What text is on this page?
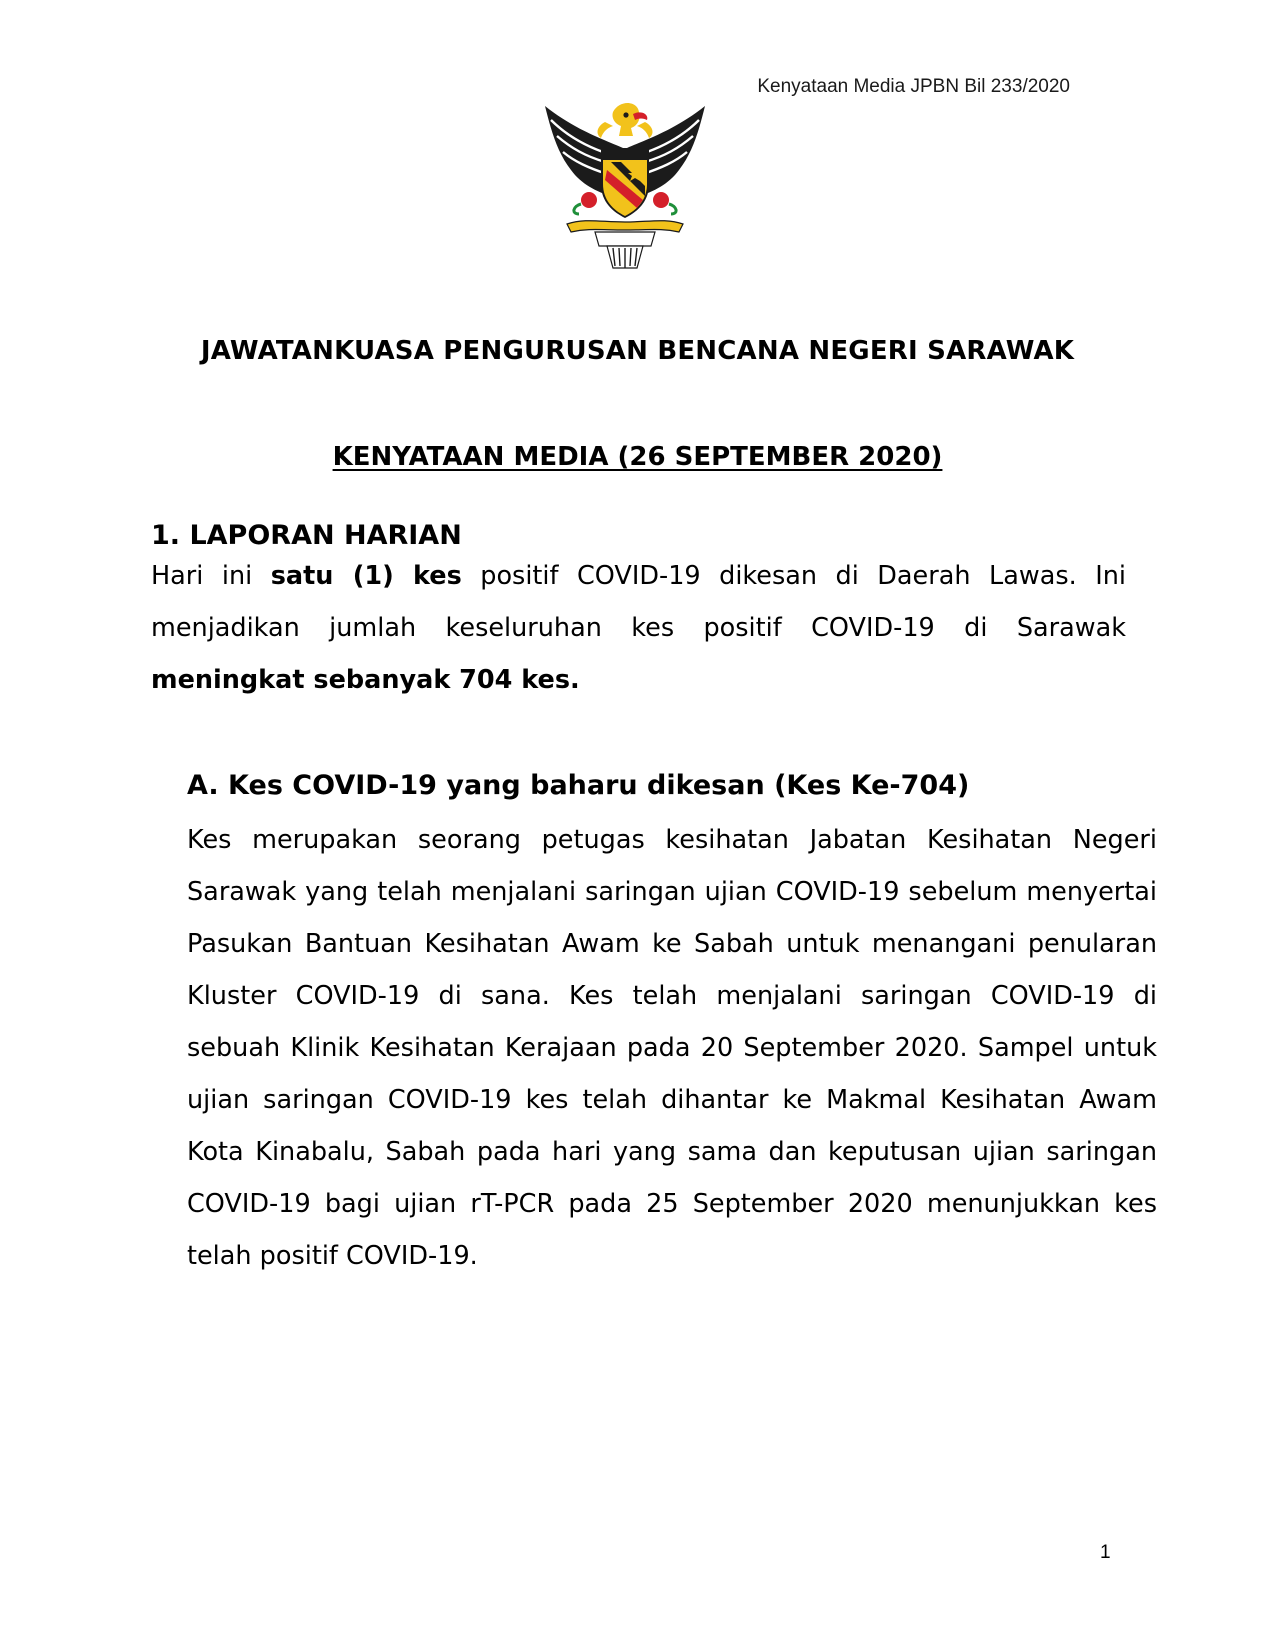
Kenyataan Media JPBN Bil 233/2020
JAWATANKUASA PENGURUSAN BENCANA NEGERI SARAWAK
KENYATAAN MEDIA (26 SEPTEMBER 2020)
1. LAPORAN HARIAN
Hari ini satu (1) kes positif COVID-19 dikesan di Daerah Lawas. Ini menjadikan jumlah keseluruhan kes positif COVID-19 di Sarawak meningkat sebanyak 704 kes.
A. Kes COVID-19 yang baharu dikesan (Kes Ke-704)
Kes merupakan seorang petugas kesihatan Jabatan Kesihatan Negeri Sarawak yang telah menjalani saringan ujian COVID-19 sebelum menyertai Pasukan Bantuan Kesihatan Awam ke Sabah untuk menangani penularan Kluster COVID-19 di sana. Kes telah menjalani saringan COVID-19 di sebuah Klinik Kesihatan Kerajaan pada 20 September 2020. Sampel untuk ujian saringan COVID-19 kes telah dihantar ke Makmal Kesihatan Awam Kota Kinabalu, Sabah pada hari yang sama dan keputusan ujian saringan COVID-19 bagi ujian rT-PCR pada 25 September 2020 menunjukkan kes telah positif COVID-19.
1
